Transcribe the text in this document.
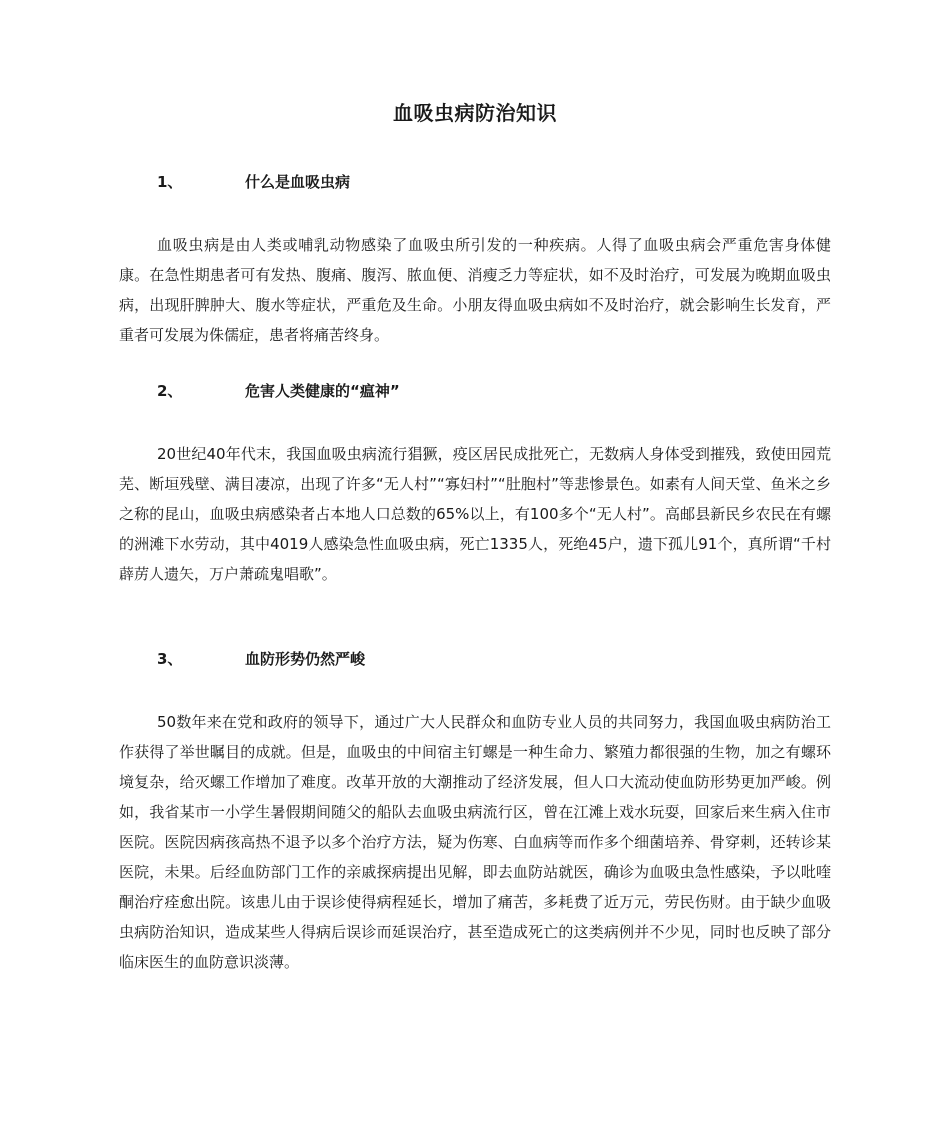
血吸虫病防治知识
1、	什么是血吸虫病
血吸虫病是由人类或哺乳动物感染了血吸虫所引发的一种疾病。人得了血吸虫病会严重危害身体健康。在急性期患者可有发热、腹痛、腹泻、脓血便、消瘦乏力等症状，如不及时治疗，可发展为晚期血吸虫病，出现肝脾肿大、腹水等症状，严重危及生命。小朋友得血吸虫病如不及时治疗，就会影响生长发育，严重者可发展为侏儒症，患者将痛苦终身。
2、	危害人类健康的“瘟神”
20世纪40年代末，我国血吸虫病流行猖獗，疫区居民成批死亡，无数病人身体受到摧残，致使田园荒芜、断垣残壁、满目凄凉，出现了许多“无人村”“寡妇村”“肚胞村”等悲惨景色。如素有人间天堂、鱼米之乡之称的昆山，血吸虫病感染者占本地人口总数的65%以上，有100多个“无人村”。高邮县新民乡农民在有螺的洲滩下水劳动，其中4019人感染急性血吸虫病，死亡1335人，死绝45户，遗下孤儿91个，真所谓“千村薜苈人遗矢，万户萧疏鬼唱歌”。
3、	血防形势仍然严峻
50数年来在党和政府的领导下，通过广大人民群众和血防专业人员的共同努力，我国血吸虫病防治工作获得了举世瞩目的成就。但是，血吸虫的中间宿主钉螺是一种生命力、繁殖力都很强的生物，加之有螺环境复杂，给灭螺工作增加了难度。改革开放的大潮推动了经济发展，但人口大流动使血防形势更加严峻。例如，我省某市一小学生暑假期间随父的船队去血吸虫病流行区，曾在江滩上戏水玩耍，回家后来生病入住市医院。医院因病孩高热不退予以多个治疗方法，疑为伤寒、白血病等而作多个细菌培养、骨穿刺，还转诊某医院，未果。后经血防部门工作的亲戚探病提出见解，即去血防站就医，确诊为血吸虫急性感染，予以吡喹酮治疗痊愈出院。该患儿由于误诊使得病程延长，增加了痛苦，多耗费了近万元，劳民伤财。由于缺少血吸虫病防治知识，造成某些人得病后误诊而延误治疗，甚至造成死亡的这类病例并不少见，同时也反映了部分临床医生的血防意识淡薄。
